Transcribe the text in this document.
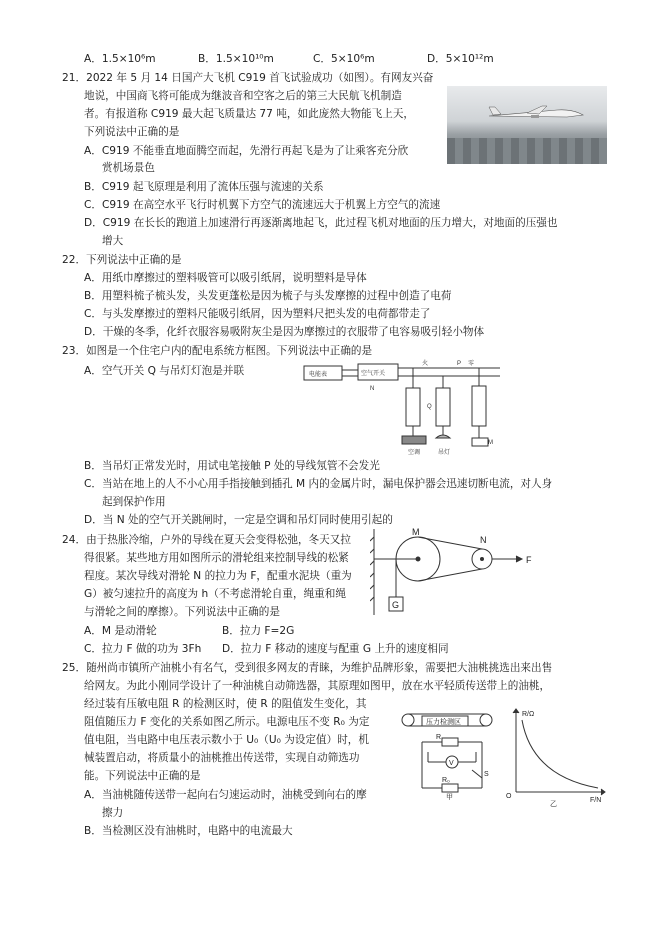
A．1.5×10⁶m	B．1.5×10¹⁰m	C．5×10⁶m	D．5×10¹²m
21．2022 年 5 月 14 日国产大飞机 C919 首飞试验成功（如图）。有网友兴奋
地说，中国商飞将可能成为继波音和空客之后的第三大民航飞机制造
者。有报道称 C919 最大起飞质量达 77 吨，如此庞然大物能飞上天，
下列说法中正确的是
A．C919 不能垂直地面腾空而起，先滑行再起飞是为了让乘客充分欣
赏机场景色
B．C919 起飞原理是利用了流体压强与流速的关系
C．C919 在高空水平飞行时机翼下方空气的流速远大于机翼上方空气的流速
D．C919 在长长的跑道上加速滑行再逐渐离地起飞，此过程飞机对地面的压力增大，对地面的压强也
增大
22．下列说法中正确的是
A．用纸巾摩擦过的塑料吸管可以吸引纸屑，说明塑料是导体
B．用塑料梳子梳头发，头发更蓬松是因为梳子与头发摩擦的过程中创造了电荷
C．与头发摩擦过的塑料尺能吸引纸屑，因为塑料尺把头发的电荷都带走了
D．干燥的冬季，化纤衣服容易吸附灰尘是因为摩擦过的衣服带了电容易吸引轻小物体
23．如图是一个住宅户内的配电系统方框图。下列说法中正确的是
A．空气开关 Q 与吊灯灯泡是并联	电能表	空气开关
火	P 零
N
Q
M
空调	吊灯
B．当吊灯正常发光时，用试电笔接触 P 处的导线氖管不会发光
C．当站在地上的人不小心用手指接触到插孔 M 内的金属片时，漏电保护器会迅速切断电流，对人身
起到保护作用
D．当 N 处的空气开关跳闸时，一定是空调和吊灯同时使用引起的
24．由于热胀冷缩，户外的导线在夏天会变得松弛，冬天又拉
得很紧。某些地方用如图所示的滑轮组来控制导线的松紧
程度。某次导线对滑轮 N 的拉力为 F，配重水泥块（重为
G）被匀速拉升的高度为 h（不考虑滑轮自重，绳重和绳
与滑轮之间的摩擦）。下列说法中正确的是
A．M 是动滑轮	B．拉力 F=2G
C．拉力 F 做的功为 3Fh D．拉力 F 移动的速度与配重 G 上升的速度相同
M
N
F
G
25．随州尚市镇所产油桃小有名气，受到很多网友的青睐，为维护品牌形象，需要把大油桃挑选出来出售
给网友。为此小刚同学设计了一种油桃自动筛选器，其原理如图甲，放在水平轻质传送带上的油桃，
经过装有压敏电阻 R 的检测区时，使 R 的阻值发生变化，其
阻值随压力 F 变化的关系如图乙所示。电源电压不变 R₀ 为定
值电阻，当电路中电压表示数小于 U₀（U₀ 为设定值）时，机
械装置启动，将质量小的油桃推出传送带，实现自动筛选功
能。下列说法中正确的是
A．当油桃随传送带一起向右匀速运动时，油桃受到向右的摩
擦力
B．当检测区没有油桃时，电路中的电流最大
压力检测区
R
V
S
R₀
甲
R/Ω
F/N
O
乙
